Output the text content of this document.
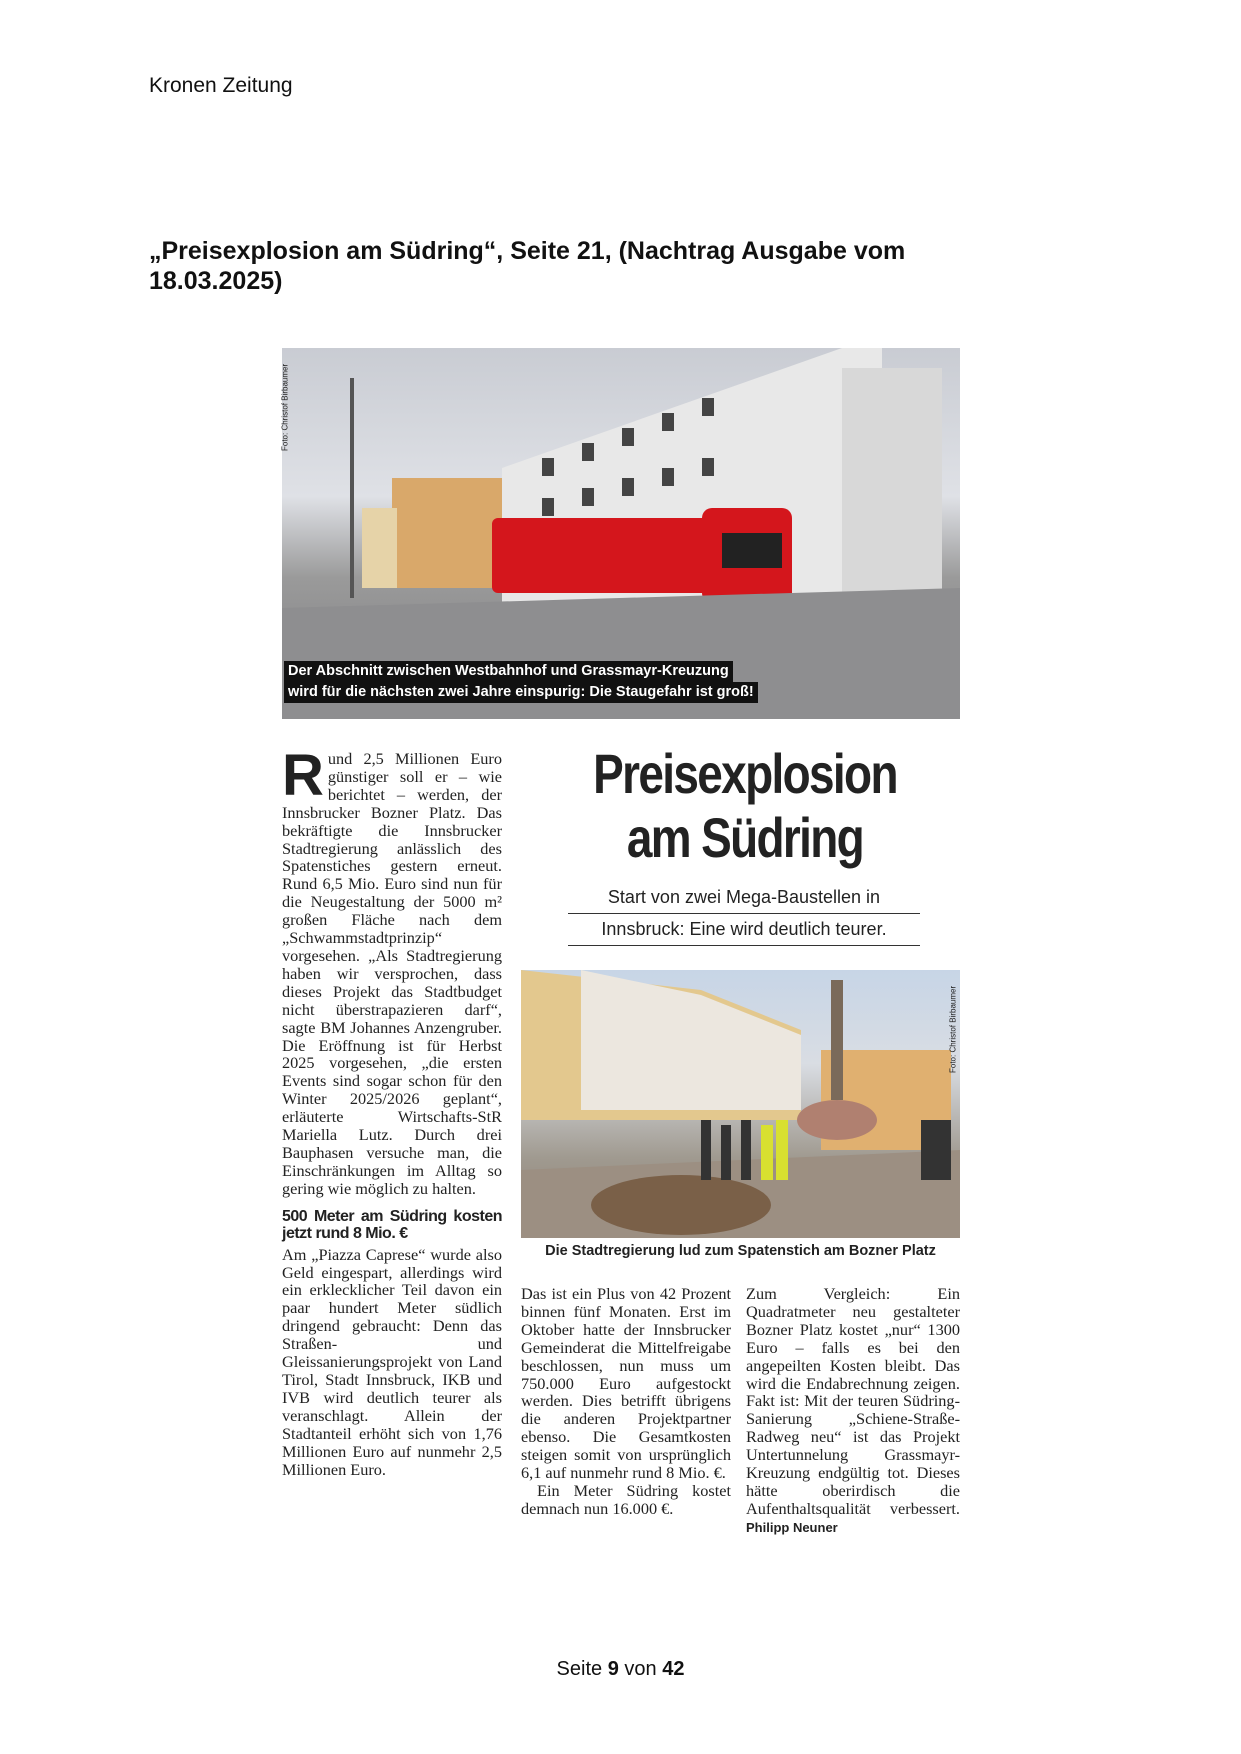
Kronen Zeitung
„Preisexplosion am Südring“, Seite 21, (Nachtrag Ausgabe vom 18.03.2025)
Foto: Christof Birbaumer
Der Abschnitt zwischen Westbahnhof und Grassmayr-Kreuzung
wird für die nächsten zwei Jahre einspurig: Die Staugefahr ist groß!
R und 2,5 Millionen Euro günstiger soll er – wie berichtet – werden, der Innsbrucker Bozner Platz. Das bekräftigte die Innsbrucker Stadtregierung anlässlich des Spatenstiches gestern erneut. Rund 6,5 Mio. Euro sind nun für die Neugestaltung der 5000 m² großen Fläche nach dem „Schwammstadtprinzip“ vorgesehen. „Als Stadtregierung haben wir versprochen, dass dieses Projekt das Stadtbudget nicht überstrapazieren darf“, sagte BM Johannes Anzengruber. Die Eröffnung ist für Herbst 2025 vorgesehen, „die ersten Events sind sogar schon für den Winter 2025/2026 geplant“, erläuterte Wirtschafts-StR Mariella Lutz. Durch drei Bauphasen versuche man, die Einschränkungen im Alltag so gering wie möglich zu halten.
500 Meter am Südring kosten jetzt rund 8 Mio. €
Am „Piazza Caprese“ wurde also Geld eingespart, allerdings wird ein erklecklicher Teil davon ein paar hundert Meter südlich dringend gebraucht: Denn das Straßen- und Gleissanierungsprojekt von Land Tirol, Stadt Innsbruck, IKB und IVB wird deutlich teurer als veranschlagt. Allein der Stadtanteil erhöht sich von 1,76 Millionen Euro auf nunmehr 2,5 Millionen Euro.
Preisexplosion
am Südring
Start von zwei Mega-Baustellen in
Innsbruck: Eine wird deutlich teurer.
Foto: Christof Birbaumer
Die Stadtregierung lud zum Spatenstich am Bozner Platz
Das ist ein Plus von 42 Prozent binnen fünf Monaten. Erst im Oktober hatte der Innsbrucker Gemeinderat die Mittelfreigabe beschlossen, nun muss um 750.000 Euro aufgestockt werden. Dies betrifft übrigens die anderen Projektpartner ebenso. Die Gesamtkosten steigen somit von ursprünglich 6,1 auf nunmehr rund 8 Mio. €.
Ein Meter Südring kostet demnach nun 16.000 €.
Zum Vergleich: Ein Quadratmeter neu gestalteter Bozner Platz kostet „nur“ 1300 Euro – falls es bei den angepeilten Kosten bleibt. Das wird die Endabrechnung zeigen. Fakt ist: Mit der teuren Südring-Sanierung „Schiene-Straße-Radweg neu“ ist das Projekt Untertunnelung Grassmayr-Kreuzung endgültig tot. Dieses hätte oberirdisch die Aufenthaltsqualität verbessert. Philipp Neuner
Seite 9 von 42
